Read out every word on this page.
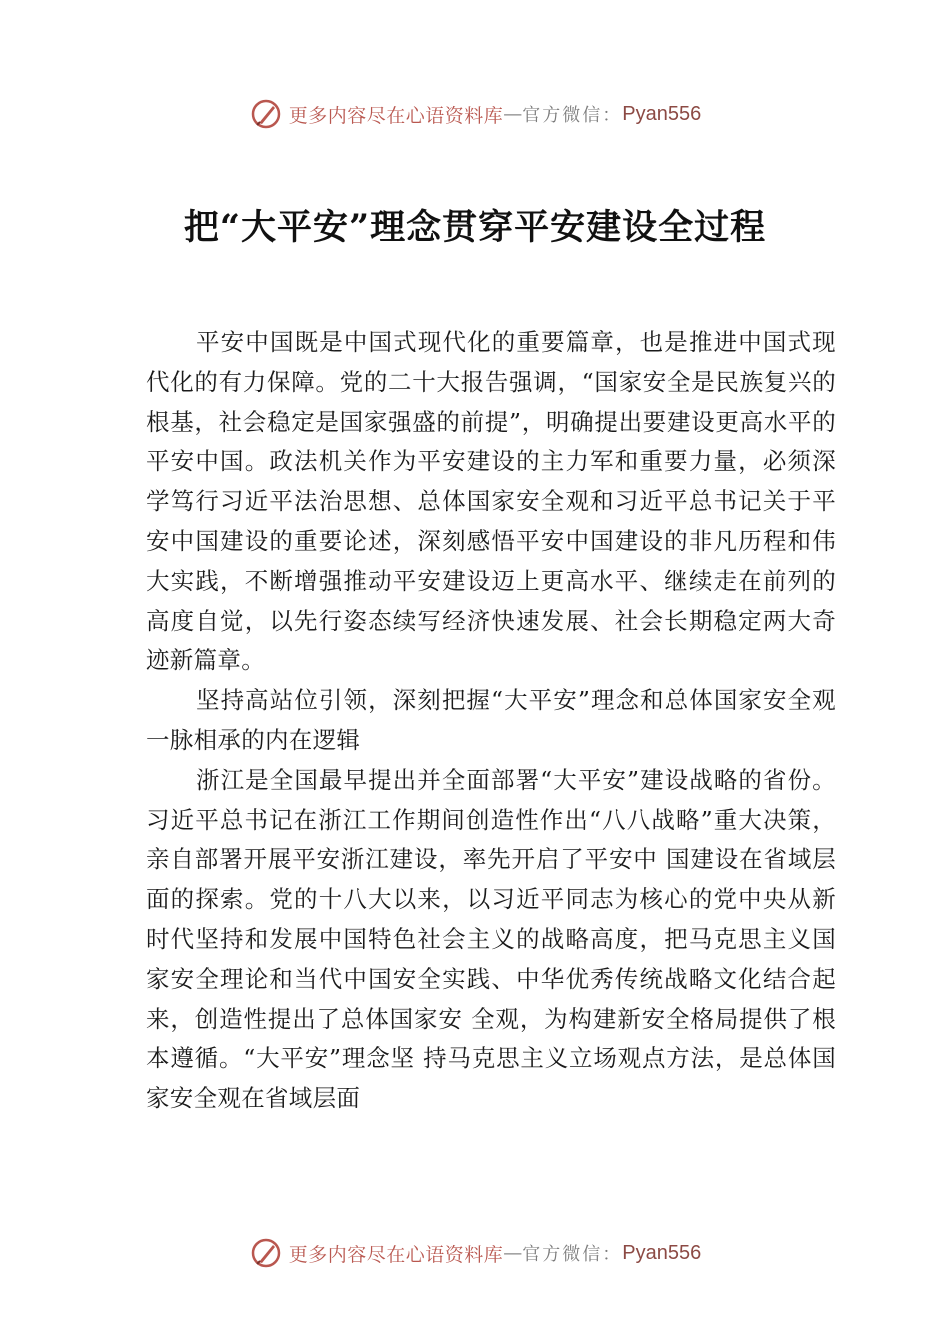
更多内容尽在心语资料库 — 官方微信： Pyan556
把“大平安”理念贯穿平安建设全过程

平安中国既是中国式现代化的重要篇章，也是推进中国式现代化的有力保障。党的二十大报告强调，“国家安全是民族复兴的根基，社会稳定是国家强盛的前提”，明确提出要建设更高水平的平安中国。政法机关作为平安建设的主力军和重要力量，必须深学笃行习近平法治思想、总体国家安全观和习近平总书记关于平安中国建设的重要论述，深刻感悟平安中国建设的非凡历程和伟大实践，不断增强推动平安建设迈上更高水平、继续走在前列的高度自觉，以先行姿态续写经济快速发展、社会长期稳定两大奇迹新篇章。

坚持高站位引领，深刻把握“大平安”理念和总体国家安全观一脉相承的内在逻辑

浙江是全国最早提出并全面部署“大平安”建设战略的省份。习近平总书记在浙江工作期间创造性作出“八八战略”重大决策，亲自部署开展平安浙江建设，率先开启了平安中 国建设在省域层面的探索。党的十八大以来，以习近平同志为核心的党中央从新时代坚持和发展中国特色社会主义的战略高度，把马克思主义国家安全理论和当代中国安全实践、中华优秀传统战略文化结合起来，创造性提出了总体国家安 全观，为构建新安全格局提供了根本遵循。“大平安”理念坚 持马克思主义立场观点方法，是总体国家安全观在省域层面

更多内容尽在心语资料库 — 官方微信： Pyan556
